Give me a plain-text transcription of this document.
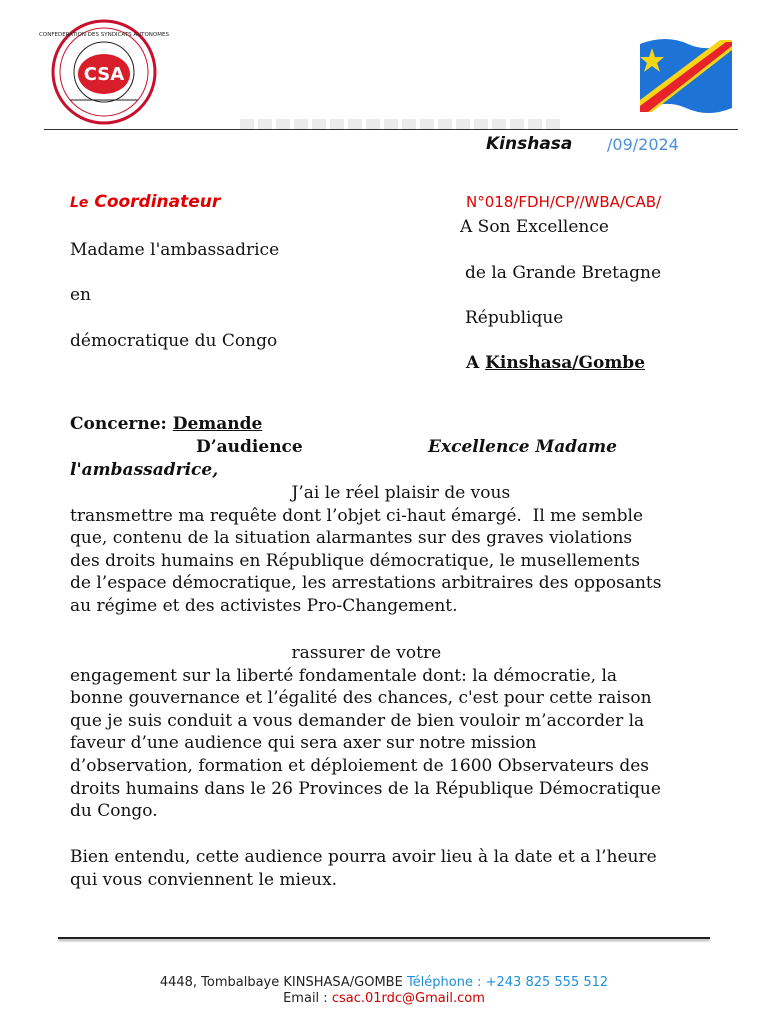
CSA
CONFEDERATION DES SYNDICATS AUTONOMES
Kinshasa /09/2024
Le Coordinateur	N°018/FDH/CP//WBA/CAB/
A Son Excellence
Madame l'ambassadrice
de la Grande Bretagne
en
République
démocratique du Congo
A Kinshasa/Gombe
Concerne: Demande
D’audience	Excellence Madame
l'ambassadrice,
J’ai le réel plaisir de vous
transmettre ma requête dont l’objet ci-haut émargé.  Il me semble
que, contenu de la situation alarmantes sur des graves violations
des droits humains en République démocratique, le musellements
de l’espace démocratique, les arrestations arbitraires des opposants
au régime et des activistes Pro-Changement.
rassurer de votre
engagement sur la liberté fondamentale dont: la démocratie, la
bonne gouvernance et l’égalité des chances, c'est pour cette raison
que je suis conduit a vous demander de bien vouloir m’accorder la
faveur d’une audience qui sera axer sur notre mission
d’observation, formation et déploiement de 1600 Observateurs des
droits humains dans le 26 Provinces de la République Démocratique
du Congo.
Bien entendu, cette audience pourra avoir lieu à la date et a l’heure
qui vous conviennent le mieux.
4448, Tombalbaye KINSHASA/GOMBE Téléphone : +243 825 555 512
Email : csac.01rdc@Gmail.com
